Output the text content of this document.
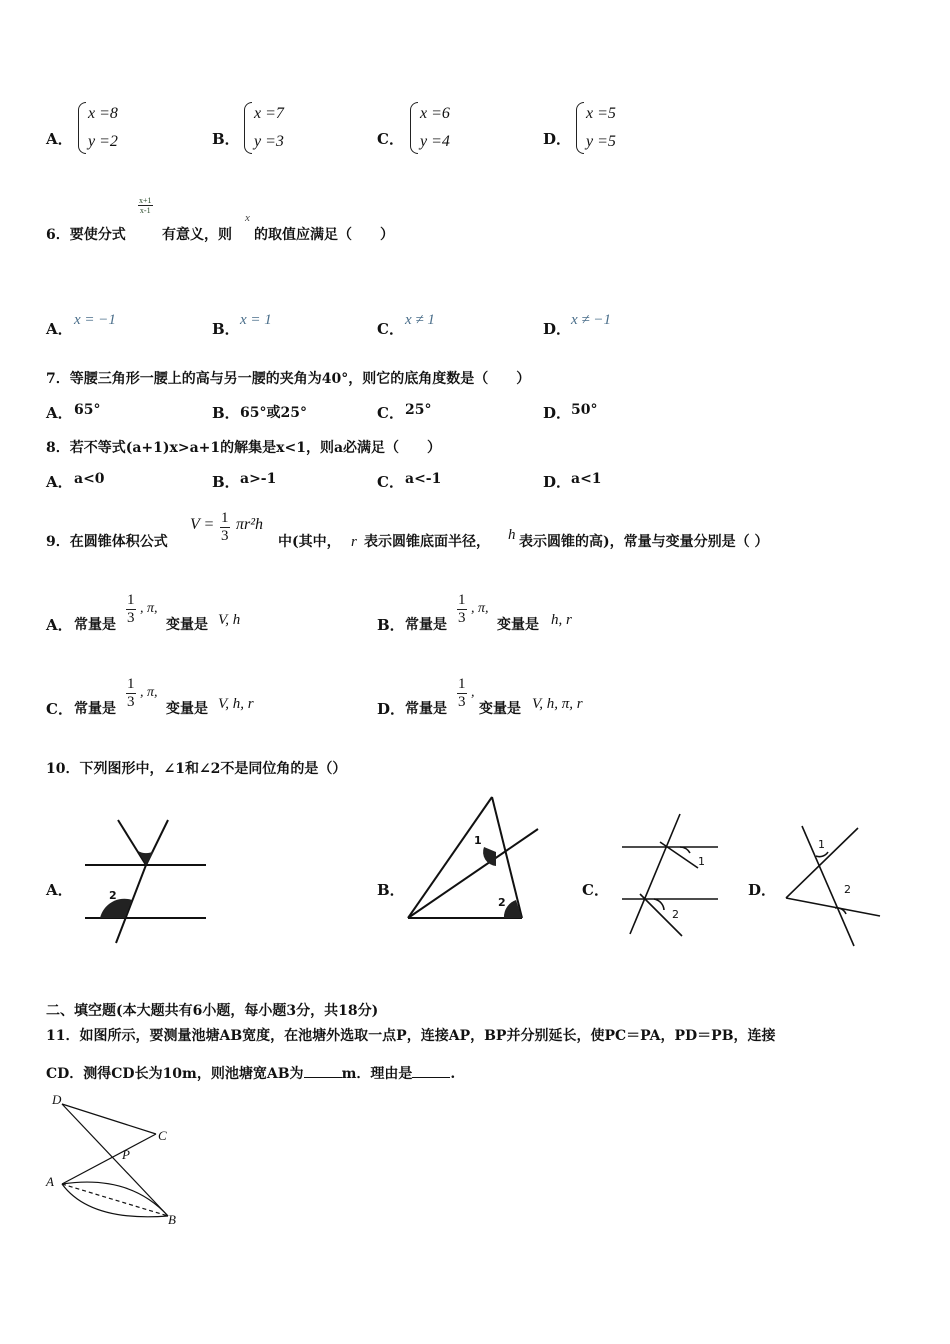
A．
x =8
y =2	B．
x =7
y =3	C．
x =6
y =4	D．
x =5
y =5
6．要使分式
$\frac{x+1}{x-1}$
有意义，则
x
的取值应满足（　　）
A． x = −1	B． x = 1	C． x ≠ 1	D． x ≠ −1
7．等腰三角形一腰上的高与另一腰的夹角为40°，则它的底角度数是（　　）
A． 65°	B． 65°或25°	C． 25°	D． 50°
8．若不等式(a+1)x>a+1的解集是x<1，则a必满足（　　）
A． a<0	B． a>-1	C． a<-1	D． a<1
9．在圆锥体积公式
$V = \frac{1}{3} \pi r^2h$
中(其中， r 表示圆锥底面半径， h 表示圆锥的高)，常量与变量分别是（ ）
A． 常量是 $\frac{1}{3}$ , π,
变量是 V, h	B． 常量是 $\frac{1}{3}$ , π,
变量是 h, r
C． 常量是 $\frac{1}{3}$ , π,
变量是 V, h, r	D． 常量是 $\frac{1}{3}$ ,
变量是 V, h, π, r
10．下列图形中，∠1和∠2不是同位角的是（）
A．
1
2	B．
1
2
C．
1
2
D．
1
2
二、填空题(本大题共有6小题，每小题3分，共18分)
11．如图所示，要测量池塘AB宽度，在池塘外选取一点P，连接AP，BP并分别延长，使PC＝PA，PD＝PB，连接
CD．测得CD长为10m，则池塘宽AB为	m．理由是	.
D
C
P
A
B
